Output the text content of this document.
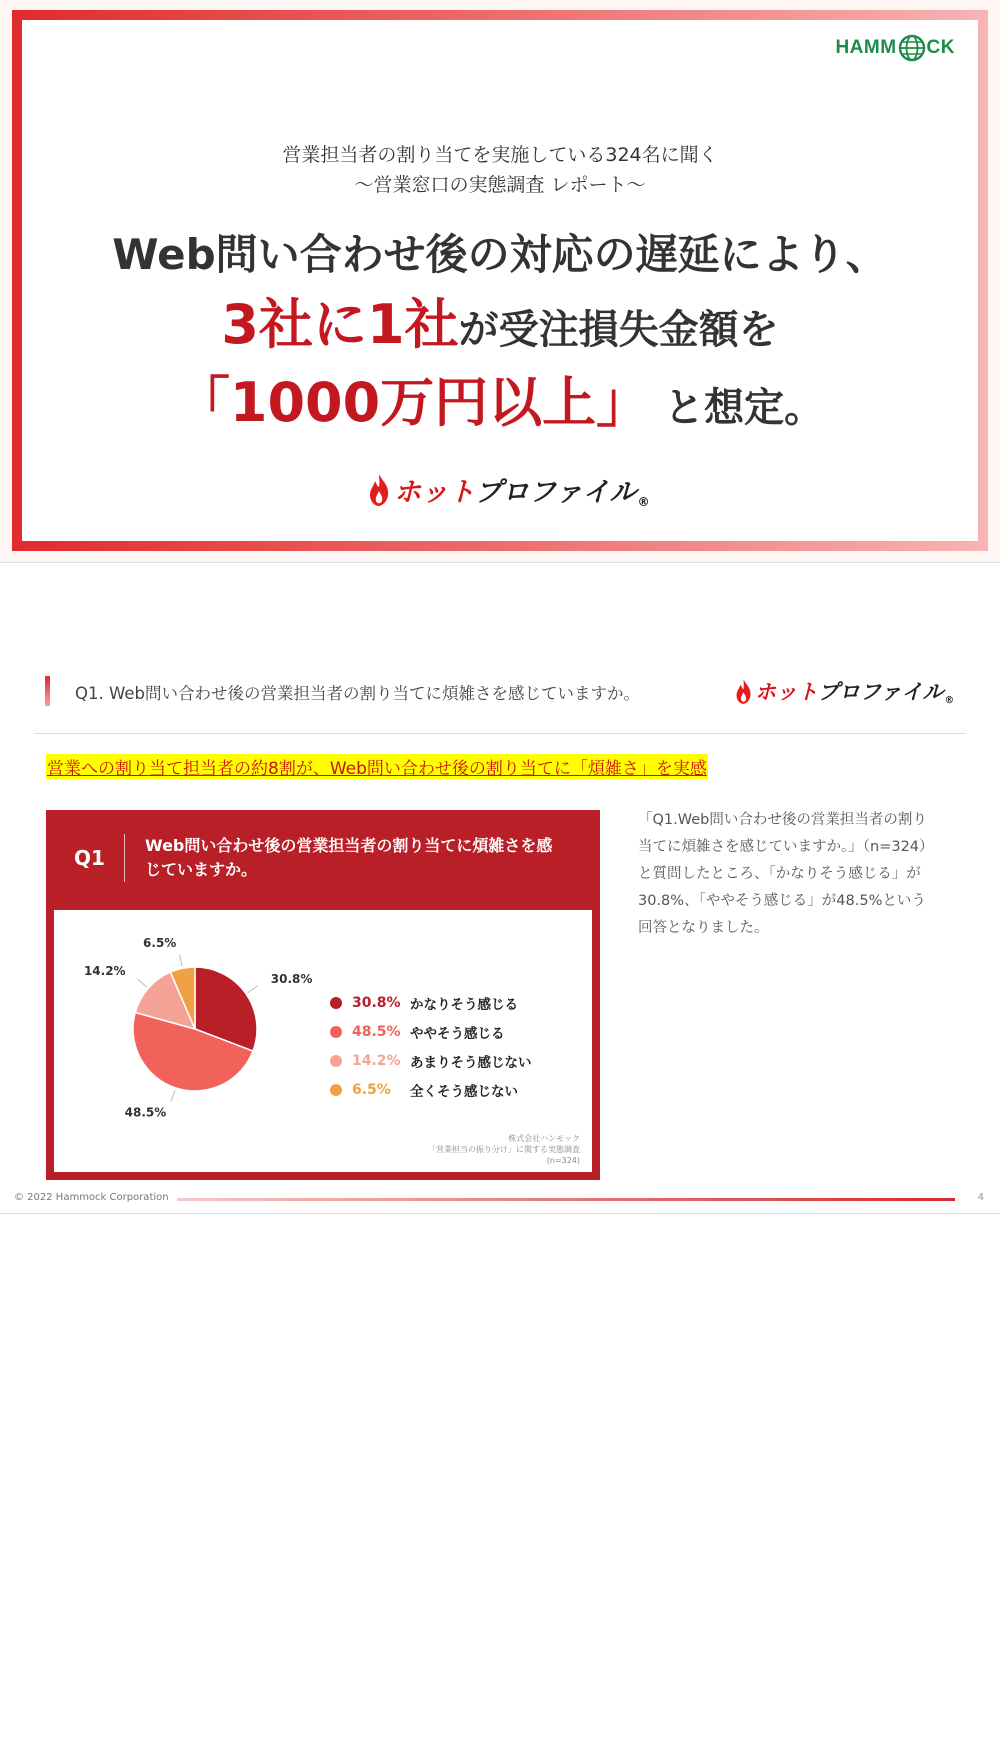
HAMM CK
営業担当者の割り当てを実施している324名に聞く
～営業窓口の実態調査 レポート～
Web問い合わせ後の対応の遅延により、
3社に1社が受注損失金額を
「1000万円以上」 と想定。
ホット プロファイル ®
Q1. Web問い合わせ後の営業担当者の割り当てに煩雑さを感じていますか。	ホット プロファイル ®
営業への割り当て担当者の約8割が、Web問い合わせ後の割り当てに「煩雑さ」を実感
Q1
Web問い合わせ後の営業担当者の割り当てに煩雑さを感じていますか。
30.8%
48.5%
14.2%
6.5%
30.8% かなりそう感じる
48.5% ややそう感じる
14.2% あまりそう感じない
6.5%	全くそう感じない
株式会社ハンモック
「営業担当の振り分け」に関する実態調査
(n=324)
「Q1.Web問い合わせ後の営業担当者の割り当てに煩雑さを感じていますか。」（n=324）と質問したところ、「かなりそう感じる」が30.8%、「ややそう感じる」が48.5%という回答となりました。
© 2022 Hammock Corporation	4
